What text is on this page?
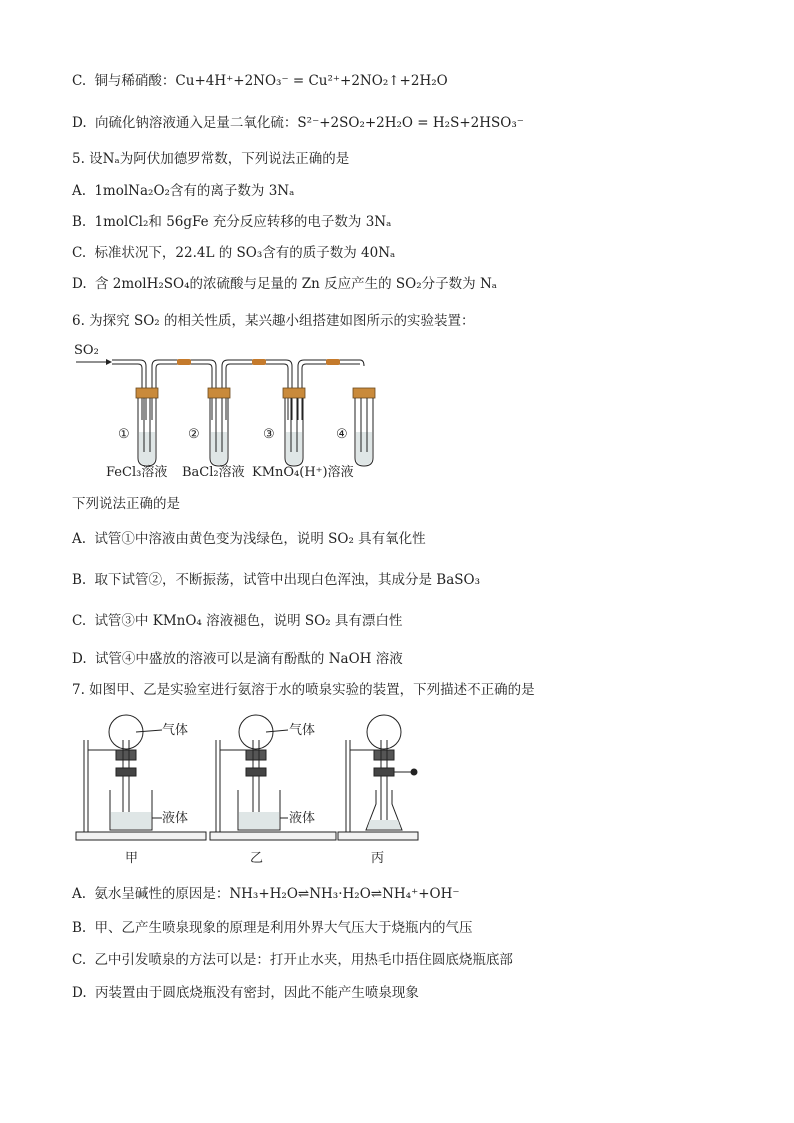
C. 铜与稀硝酸：Cu+4H⁺+2NO₃⁻ = Cu²⁺+2NO₂↑+2H₂O
D. 向硫化钠溶液通入足量二氧化硫：S²⁻+2SO₂+2H₂O = H₂S+2HSO₃⁻
5. 设Nₐ为阿伏加德罗常数，下列说法正确的是
A. 1molNa₂O₂含有的离子数为 3Nₐ
B. 1molCl₂和 56gFe 充分反应转移的电子数为 3Nₐ
C. 标准状况下，22.4L 的 SO₃含有的质子数为 40Nₐ
D. 含 2molH₂SO₄的浓硫酸与足量的 Zn 反应产生的 SO₂分子数为 Nₐ
6. 为探究 SO₂ 的相关性质，某兴趣小组搭建如图所示的实验装置：
SO₂
①	②	③	④
FeCl₃溶液 BaCl₂溶液 KMnO₄(H⁺)溶液
下列说法正确的是
A. 试管①中溶液由黄色变为浅绿色，说明 SO₂ 具有氧化性
B. 取下试管②，不断振荡，试管中出现白色浑浊，其成分是 BaSO₃
C. 试管③中 KMnO₄ 溶液褪色，说明 SO₂ 具有漂白性
D. 试管④中盛放的溶液可以是滴有酚酞的 NaOH 溶液
7. 如图甲、乙是实验室进行氨溶于水的喷泉实验的装置，下列描述不正确的是
气体
液体
甲
气体
液体
乙	丙
A. 氨水呈碱性的原因是：NH₃+H₂O⇌NH₃·H₂O⇌NH₄⁺+OH⁻
B. 甲、乙产生喷泉现象的原理是利用外界大气压大于烧瓶内的气压
C. 乙中引发喷泉的方法可以是：打开止水夹，用热毛巾捂住圆底烧瓶底部
D. 丙装置由于圆底烧瓶没有密封，因此不能产生喷泉现象
